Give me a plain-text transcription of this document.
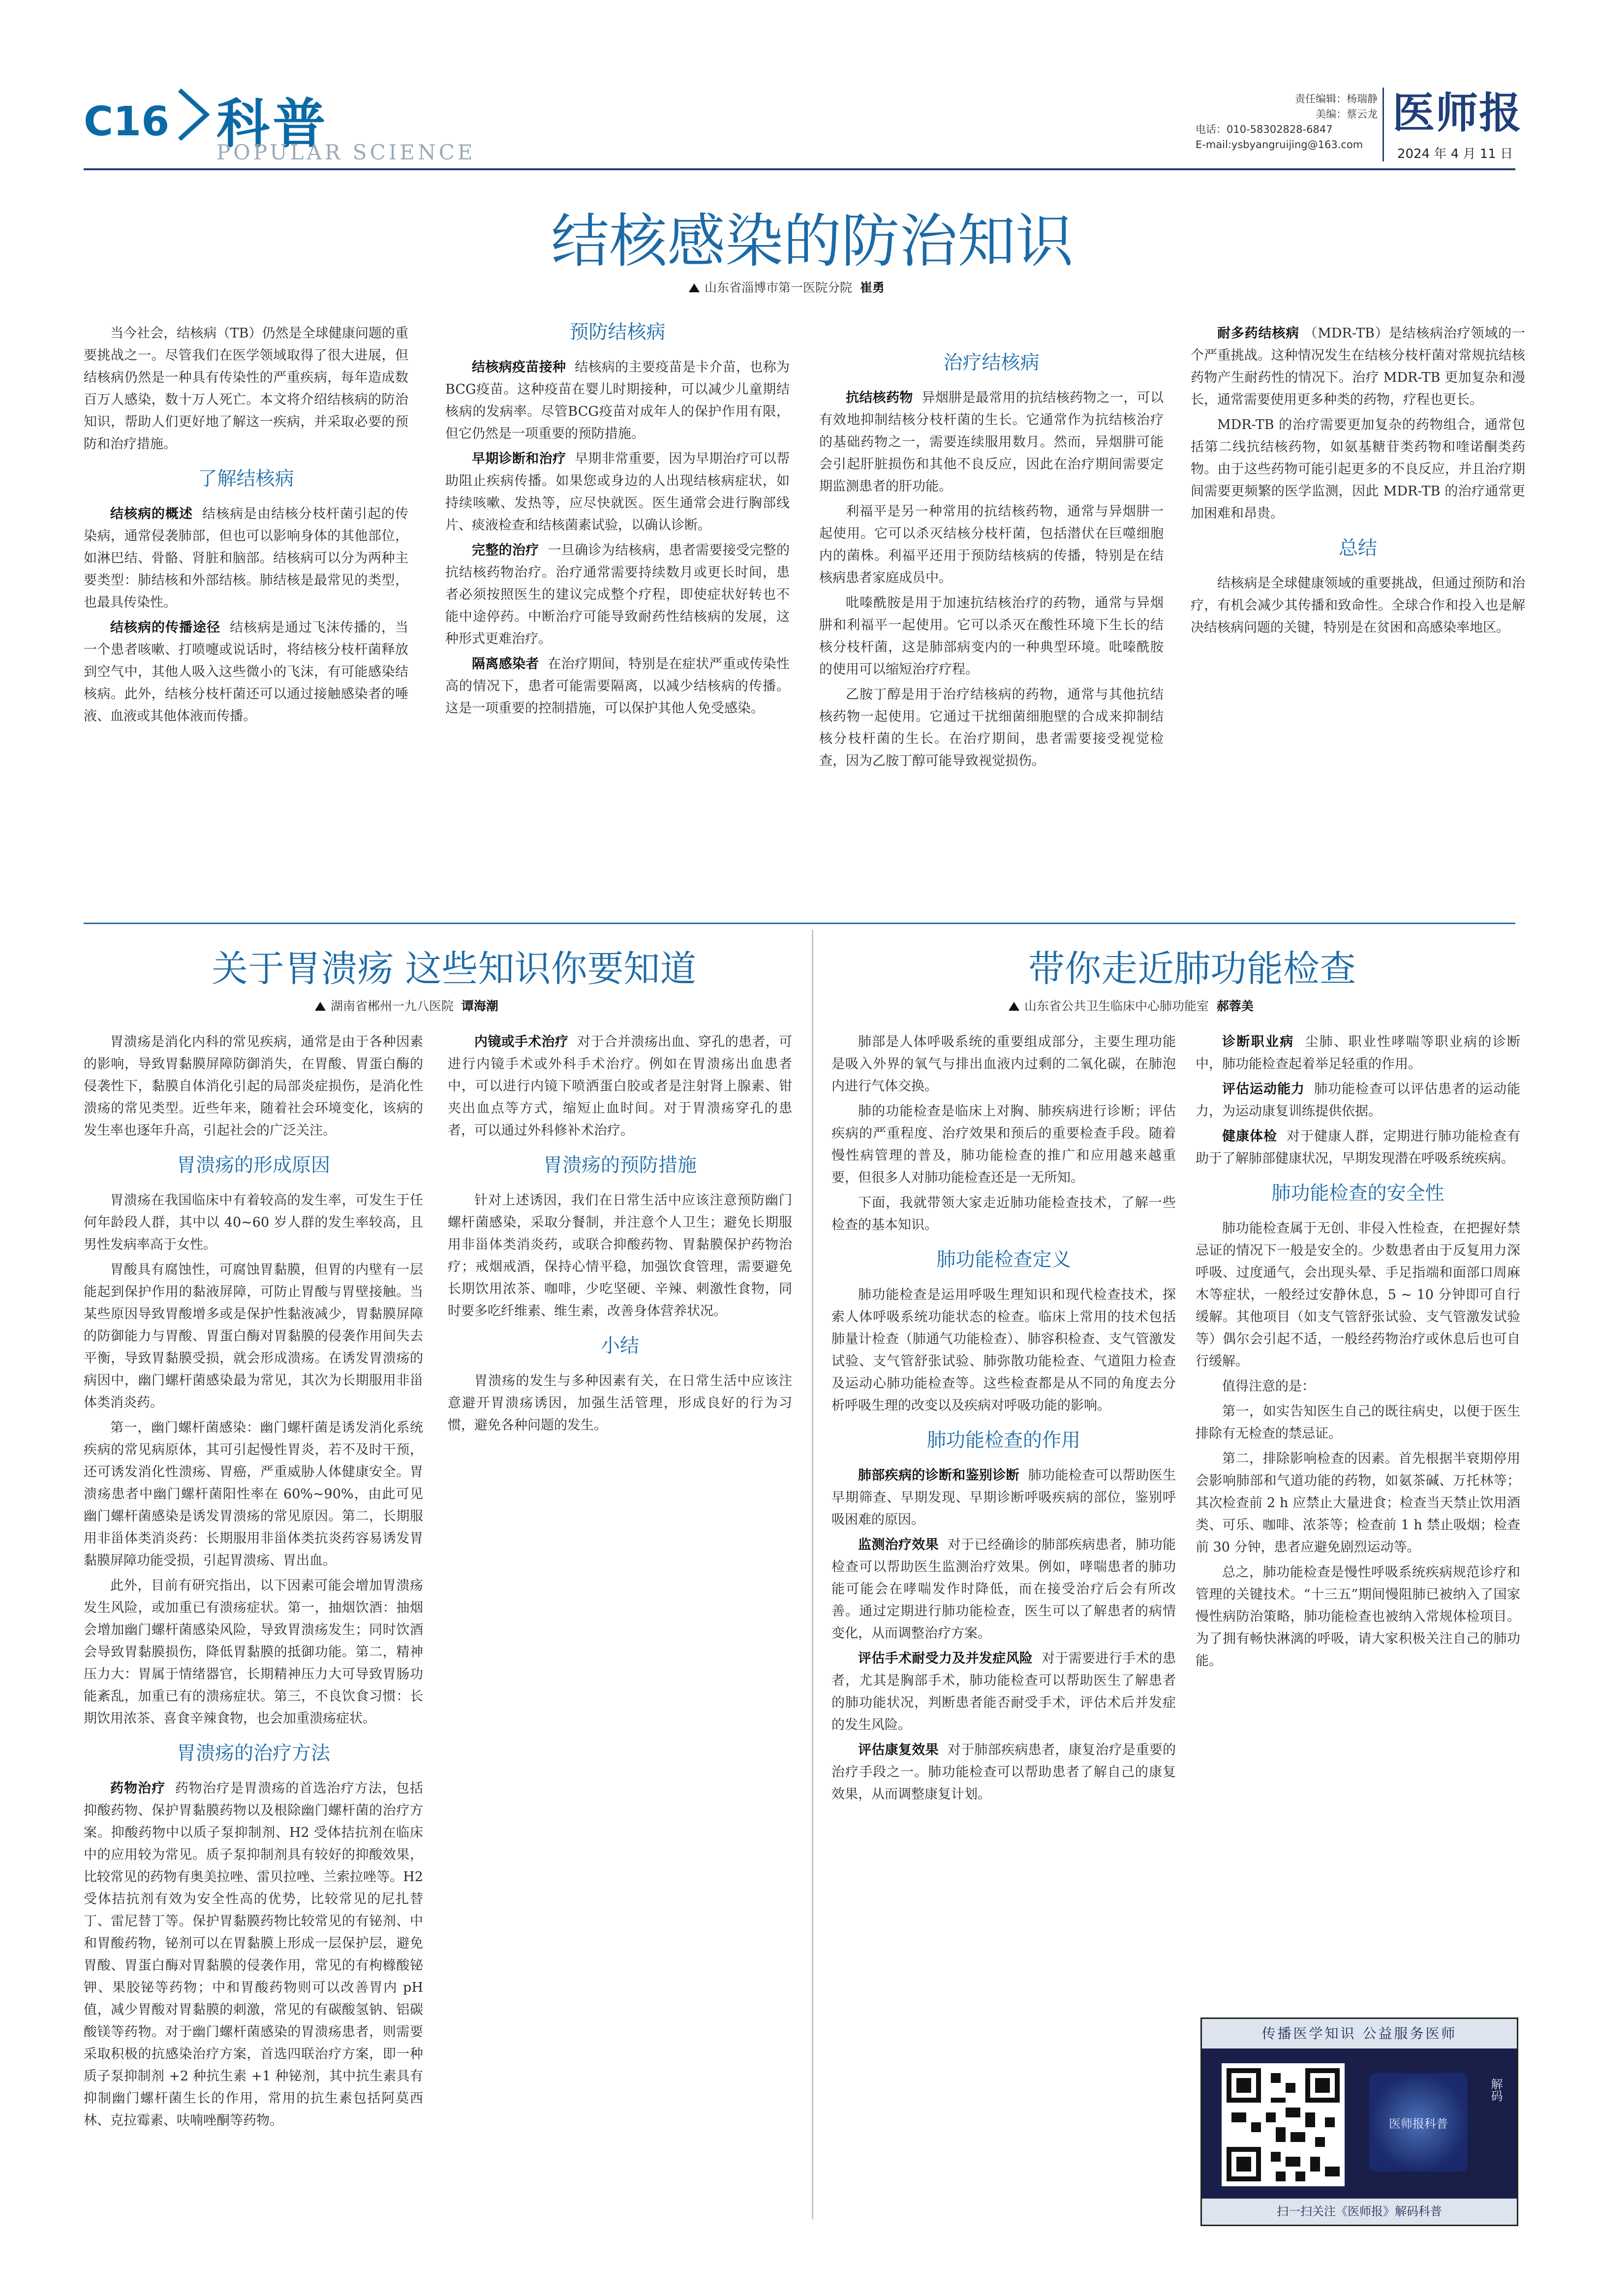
C16 科普
POPULAR SCIENCE
责任编辑：杨瑞静
美编：蔡云龙
电话：010-58302828-6847
E-mail:ysbyangruijing@163.com
医师报
2024 年 4 月 11 日
结核感染的防治知识
山东省淄博市第一医院分院 崔勇

当今社会，结核病（TB）仍然是全球健康问题的重要挑战之一。尽管我们在医学领域取得了很大进展，但结核病仍然是一种具有传染性的严重疾病，每年造成数百万人感染，数十万人死亡。本文将介绍结核病的防治知识，帮助人们更好地了解这一疾病，并采取必要的预防和治疗措施。

了解结核病

结核病的概述 结核病是由结核分枝杆菌引起的传染病，通常侵袭肺部，但也可以影响身体的其他部位，如淋巴结、骨骼、肾脏和脑部。结核病可以分为两种主要类型：肺结核和外部结核。肺结核是最常见的类型，也最具传染性。

结核病的传播途径 结核病是通过飞沫传播的，当一个患者咳嗽、打喷嚏或说话时，将结核分枝杆菌释放到空气中，其他人吸入这些微小的飞沫，有可能感染结核病。此外，结核分枝杆菌还可以通过接触感染者的唾液、血液或其他体液而传播。

预防结核病

结核病疫苗接种 结核病的主要疫苗是卡介苗，也称为BCG疫苗。这种疫苗在婴儿时期接种，可以减少儿童期结核病的发病率。尽管BCG疫苗对成年人的保护作用有限，但它仍然是一项重要的预防措施。

早期诊断和治疗 早期非常重要，因为早期治疗可以帮助阻止疾病传播。如果您或身边的人出现结核病症状，如持续咳嗽、发热等，应尽快就医。医生通常会进行胸部线片、痰液检查和结核菌素试验，以确认诊断。

完整的治疗 一旦确诊为结核病，患者需要接受完整的抗结核药物治疗。治疗通常需要持续数月或更长时间，患者必须按照医生的建议完成整个疗程，即使症状好转也不能中途停药。中断治疗可能导致耐药性结核病的发展，这种形式更难治疗。

隔离感染者 在治疗期间，特别是在症状严重或传染性高的情况下，患者可能需要隔离，以减少结核病的传播。这是一项重要的控制措施，可以保护其他人免受感染。

治疗结核病

抗结核药物 异烟肼是最常用的抗结核药物之一，可以有效地抑制结核分枝杆菌的生长。它通常作为抗结核治疗的基础药物之一，需要连续服用数月。然而，异烟肼可能会引起肝脏损伤和其他不良反应，因此在治疗期间需要定期监测患者的肝功能。

利福平是另一种常用的抗结核药物，通常与异烟肼一起使用。它可以杀灭结核分枝杆菌，包括潜伏在巨噬细胞内的菌株。利福平还用于预防结核病的传播，特别是在结核病患者家庭成员中。

吡嗪酰胺是用于加速抗结核治疗的药物，通常与异烟肼和利福平一起使用。它可以杀灭在酸性环境下生长的结核分枝杆菌，这是肺部病变内的一种典型环境。吡嗪酰胺的使用可以缩短治疗疗程。

乙胺丁醇是用于治疗结核病的药物，通常与其他抗结核药物一起使用。它通过干扰细菌细胞壁的合成来抑制结核分枝杆菌的生长。在治疗期间，患者需要接受视觉检查，因为乙胺丁醇可能导致视觉损伤。

耐多药结核病 （MDR-TB）是结核病治疗领域的一个严重挑战。这种情况发生在结核分枝杆菌对常规抗结核药物产生耐药性的情况下。治疗 MDR-TB 更加复杂和漫长，通常需要使用更多种类的药物，疗程也更长。

MDR-TB 的治疗需要更加复杂的药物组合，通常包括第二线抗结核药物，如氨基糖苷类药物和喹诺酮类药物。由于这些药物可能引起更多的不良反应，并且治疗期间需要更频繁的医学监测，因此 MDR-TB 的治疗通常更加困难和昂贵。

总结

结核病是全球健康领域的重要挑战，但通过预防和治疗，有机会减少其传播和致命性。全球合作和投入也是解决结核病问题的关键，特别是在贫困和高感染率地区。

关于胃溃疡 这些知识你要知道
湖南省郴州一九八医院 谭海潮

胃溃疡是消化内科的常见疾病，通常是由于各种因素的影响，导致胃黏膜屏障防御消失，在胃酸、胃蛋白酶的侵袭性下，黏膜自体消化引起的局部炎症损伤，是消化性溃疡的常见类型。近些年来，随着社会环境变化，该病的发生率也逐年升高，引起社会的广泛关注。

胃溃疡的形成原因

胃溃疡在我国临床中有着较高的发生率，可发生于任何年龄段人群，其中以 40~60 岁人群的发生率较高，且男性发病率高于女性。

胃酸具有腐蚀性，可腐蚀胃黏膜，但胃的内壁有一层能起到保护作用的黏液屏障，可防止胃酸与胃壁接触。当某些原因导致胃酸增多或是保护性黏液减少，胃黏膜屏障的防御能力与胃酸、胃蛋白酶对胃黏膜的侵袭作用间失去平衡，导致胃黏膜受损，就会形成溃疡。在诱发胃溃疡的病因中，幽门螺杆菌感染最为常见，其次为长期服用非甾体类消炎药。

第一，幽门螺杆菌感染：幽门螺杆菌是诱发消化系统疾病的常见病原体，其可引起慢性胃炎，若不及时干预，还可诱发消化性溃疡、胃癌，严重威胁人体健康安全。胃溃疡患者中幽门螺杆菌阳性率在 60%~90%，由此可见幽门螺杆菌感染是诱发胃溃疡的常见原因。第二，长期服用非甾体类消炎药：长期服用非甾体类抗炎药容易诱发胃黏膜屏障功能受损，引起胃溃疡、胃出血。

此外，目前有研究指出，以下因素可能会增加胃溃疡发生风险，或加重已有溃疡症状。第一，抽烟饮酒：抽烟会增加幽门螺杆菌感染风险，导致胃溃疡发生；同时饮酒会导致胃黏膜损伤，降低胃黏膜的抵御功能。第二，精神压力大：胃属于情绪器官，长期精神压力大可导致胃肠功能紊乱，加重已有的溃疡症状。第三，不良饮食习惯：长期饮用浓茶、喜食辛辣食物，也会加重溃疡症状。

胃溃疡的治疗方法

药物治疗 药物治疗是胃溃疡的首选治疗方法，包括抑酸药物、保护胃黏膜药物以及根除幽门螺杆菌的治疗方案。抑酸药物中以质子泵抑制剂、H2 受体拮抗剂在临床中的应用较为常见。质子泵抑制剂具有较好的抑酸效果，比较常见的药物有奥美拉唑、雷贝拉唑、兰索拉唑等。H2 受体拮抗剂有效为安全性高的优势，比较常见的尼扎替丁、雷尼替丁等。保护胃黏膜药物比较常见的有铋剂、中和胃酸药物，铋剂可以在胃黏膜上形成一层保护层，避免胃酸、胃蛋白酶对胃黏膜的侵袭作用，常见的有枸橼酸铋钾、果胶铋等药物；中和胃酸药物则可以改善胃内 pH 值，减少胃酸对胃黏膜的刺激，常见的有碳酸氢钠、铝碳酸镁等药物。对于幽门螺杆菌感染的胃溃疡患者，则需要采取积极的抗感染治疗方案，首选四联治疗方案，即一种质子泵抑制剂 +2 种抗生素 +1 种铋剂，其中抗生素具有抑制幽门螺杆菌生长的作用，常用的抗生素包括阿莫西林、克拉霉素、呋喃唑酮等药物。

内镜或手术治疗 对于合并溃疡出血、穿孔的患者，可进行内镜手术或外科手术治疗。例如在胃溃疡出血患者中，可以进行内镜下喷洒蛋白胶或者是注射肾上腺素、钳夹出血点等方式，缩短止血时间。对于胃溃疡穿孔的患者，可以通过外科修补术治疗。

胃溃疡的预防措施

针对上述诱因，我们在日常生活中应该注意预防幽门螺杆菌感染，采取分餐制，并注意个人卫生；避免长期服用非甾体类消炎药，或联合抑酸药物、胃黏膜保护药物治疗；戒烟戒酒，保持心情平稳，加强饮食管理，需要避免长期饮用浓茶、咖啡，少吃坚硬、辛辣、刺激性食物，同时要多吃纤维素、维生素，改善身体营养状况。

小结

胃溃疡的发生与多种因素有关，在日常生活中应该注意避开胃溃疡诱因，加强生活管理，形成良好的行为习惯，避免各种问题的发生。

带你走近肺功能检查
山东省公共卫生临床中心肺功能室 郝蓉美

肺部是人体呼吸系统的重要组成部分，主要生理功能是吸入外界的氧气与排出血液内过剩的二氧化碳，在肺泡内进行气体交换。

肺的功能检查是临床上对胸、肺疾病进行诊断；评估疾病的严重程度、治疗效果和预后的重要检查手段。随着慢性病管理的普及，肺功能检查的推广和应用越来越重要，但很多人对肺功能检查还是一无所知。

下面，我就带领大家走近肺功能检查技术，了解一些检查的基本知识。

肺功能检查定义

肺功能检查是运用呼吸生理知识和现代检查技术，探索人体呼吸系统功能状态的检查。临床上常用的技术包括肺量计检查（肺通气功能检查）、肺容积检查、支气管激发试验、支气管舒张试验、肺弥散功能检查、气道阻力检查及运动心肺功能检查等。这些检查都是从不同的角度去分析呼吸生理的改变以及疾病对呼吸功能的影响。

肺功能检查的作用

肺部疾病的诊断和鉴别诊断 肺功能检查可以帮助医生早期筛查、早期发现、早期诊断呼吸疾病的部位，鉴别呼吸困难的原因。

监测治疗效果 对于已经确诊的肺部疾病患者，肺功能检查可以帮助医生监测治疗效果。例如，哮喘患者的肺功能可能会在哮喘发作时降低，而在接受治疗后会有所改善。通过定期进行肺功能检查，医生可以了解患者的病情变化，从而调整治疗方案。

评估手术耐受力及并发症风险 对于需要进行手术的患者，尤其是胸部手术，肺功能检查可以帮助医生了解患者的肺功能状况，判断患者能否耐受手术，评估术后并发症的发生风险。

评估康复效果 对于肺部疾病患者，康复治疗是重要的治疗手段之一。肺功能检查可以帮助患者了解自己的康复效果，从而调整康复计划。

诊断职业病 尘肺、职业性哮喘等职业病的诊断中，肺功能检查起着举足轻重的作用。

评估运动能力 肺功能检查可以评估患者的运动能力，为运动康复训练提供依据。

健康体检 对于健康人群，定期进行肺功能检查有助于了解肺部健康状况，早期发现潜在呼吸系统疾病。

肺功能检查的安全性

肺功能检查属于无创、非侵入性检查，在把握好禁忌证的情况下一般是安全的。少数患者由于反复用力深呼吸、过度通气，会出现头晕、手足指端和面部口周麻木等症状，一般经过安静休息，5 ~ 10 分钟即可自行缓解。其他项目（如支气管舒张试验、支气管激发试验等）偶尔会引起不适，一般经药物治疗或休息后也可自行缓解。

值得注意的是：

第一，如实告知医生自己的既往病史，以便于医生排除有无检查的禁忌证。

第二，排除影响检查的因素。首先根据半衰期停用会影响肺部和气道功能的药物，如氨茶碱、万托林等；其次检查前 2 h 应禁止大量进食；检查当天禁止饮用酒类、可乐、咖啡、浓茶等；检查前 1 h 禁止吸烟；检查前 30 分钟，患者应避免剧烈运动等。

总之，肺功能检查是慢性呼吸系统疾病规范诊疗和管理的关键技术。“十三五”期间慢阻肺已被纳入了国家慢性病防治策略，肺功能检查也被纳入常规体检项目。为了拥有畅快淋漓的呼吸，请大家积极关注自己的肺功能。

传播医学知识 公益服务医师
医师报科普
解码
扫一扫关注《医师报》解码科普
